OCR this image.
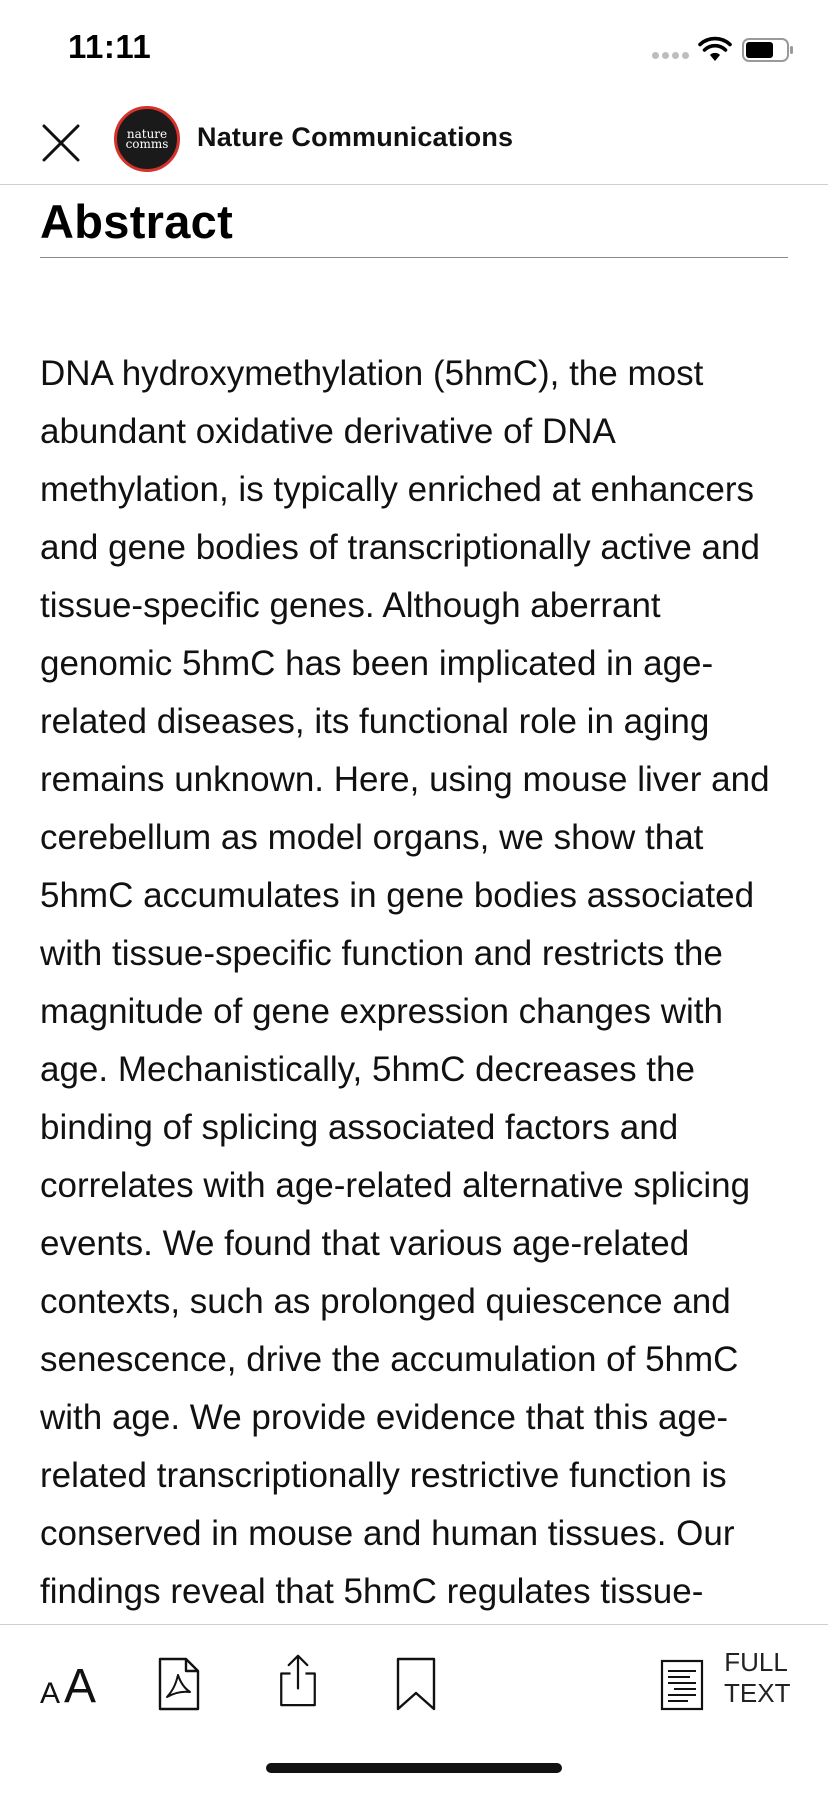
11:11
nature
comms Nature Communications
Abstract

DNA hydroxymethylation (5hmC), the most abundant oxidative derivative of DNA methylation, is typically enriched at enhancers and gene bodies of transcriptionally active and tissue-specific genes. Although aberrant genomic 5hmC has been implicated in age-related diseases, its functional role in aging remains unknown. Here, using mouse liver and cerebellum as model organs, we show that 5hmC accumulates in gene bodies associated with tissue-specific function and restricts the magnitude of gene expression changes with age. Mechanistically, 5hmC decreases the binding of splicing associated factors and correlates with age-related alternative splicing events. We found that various age-related contexts, such as prolonged quiescence and senescence, drive the accumulation of 5hmC with age. We provide evidence that this age-related transcriptionally restrictive function is conserved in mouse and human tissues. Our findings reveal that 5hmC regulates tissue-

A A	FULL
TEXT
